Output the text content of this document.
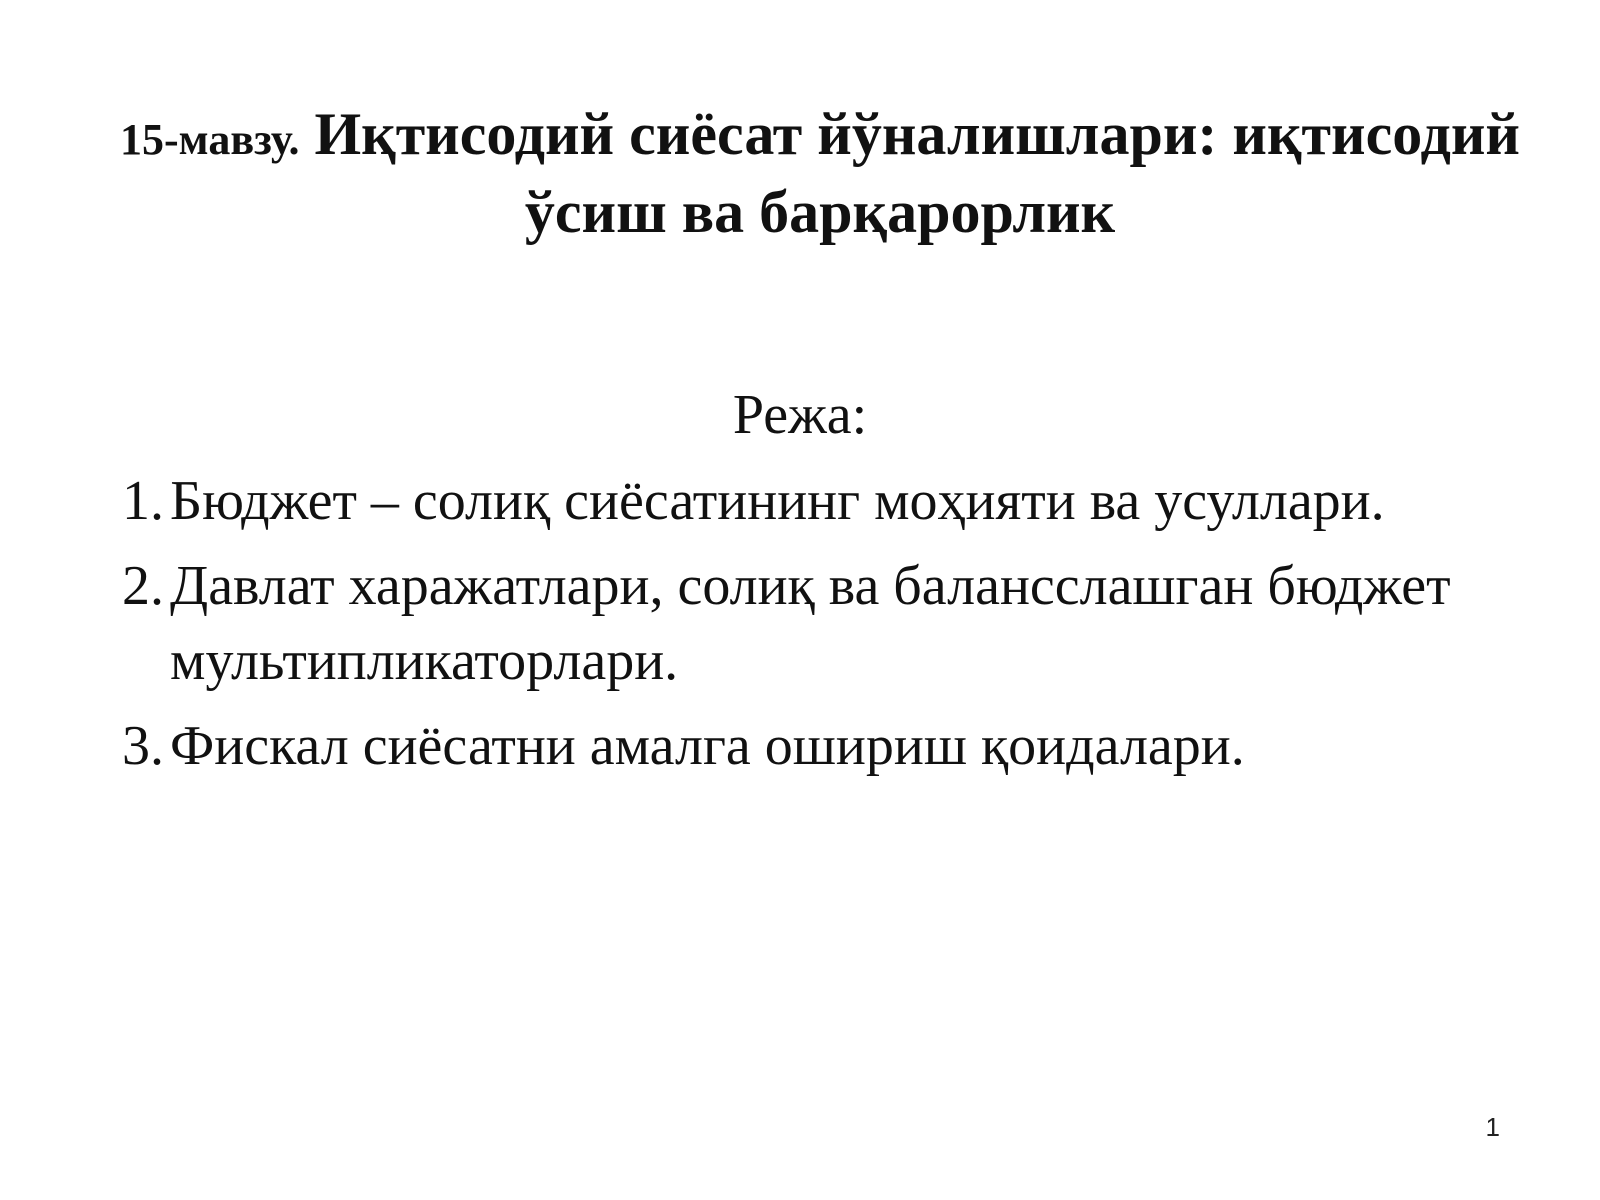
15-мавзу. Иқтисодий сиёсат йўналишлари: иқтисодий ўсиш ва барқарорлик
Режа:
1. Бюджет – солиқ сиёсатининг моҳияти ва усуллари.
2. Давлат харажатлари, солиқ ва балансслашган бюджет мультипликаторлари.
3. Фискал сиёсатни амалга ошириш қоидалари.
1
